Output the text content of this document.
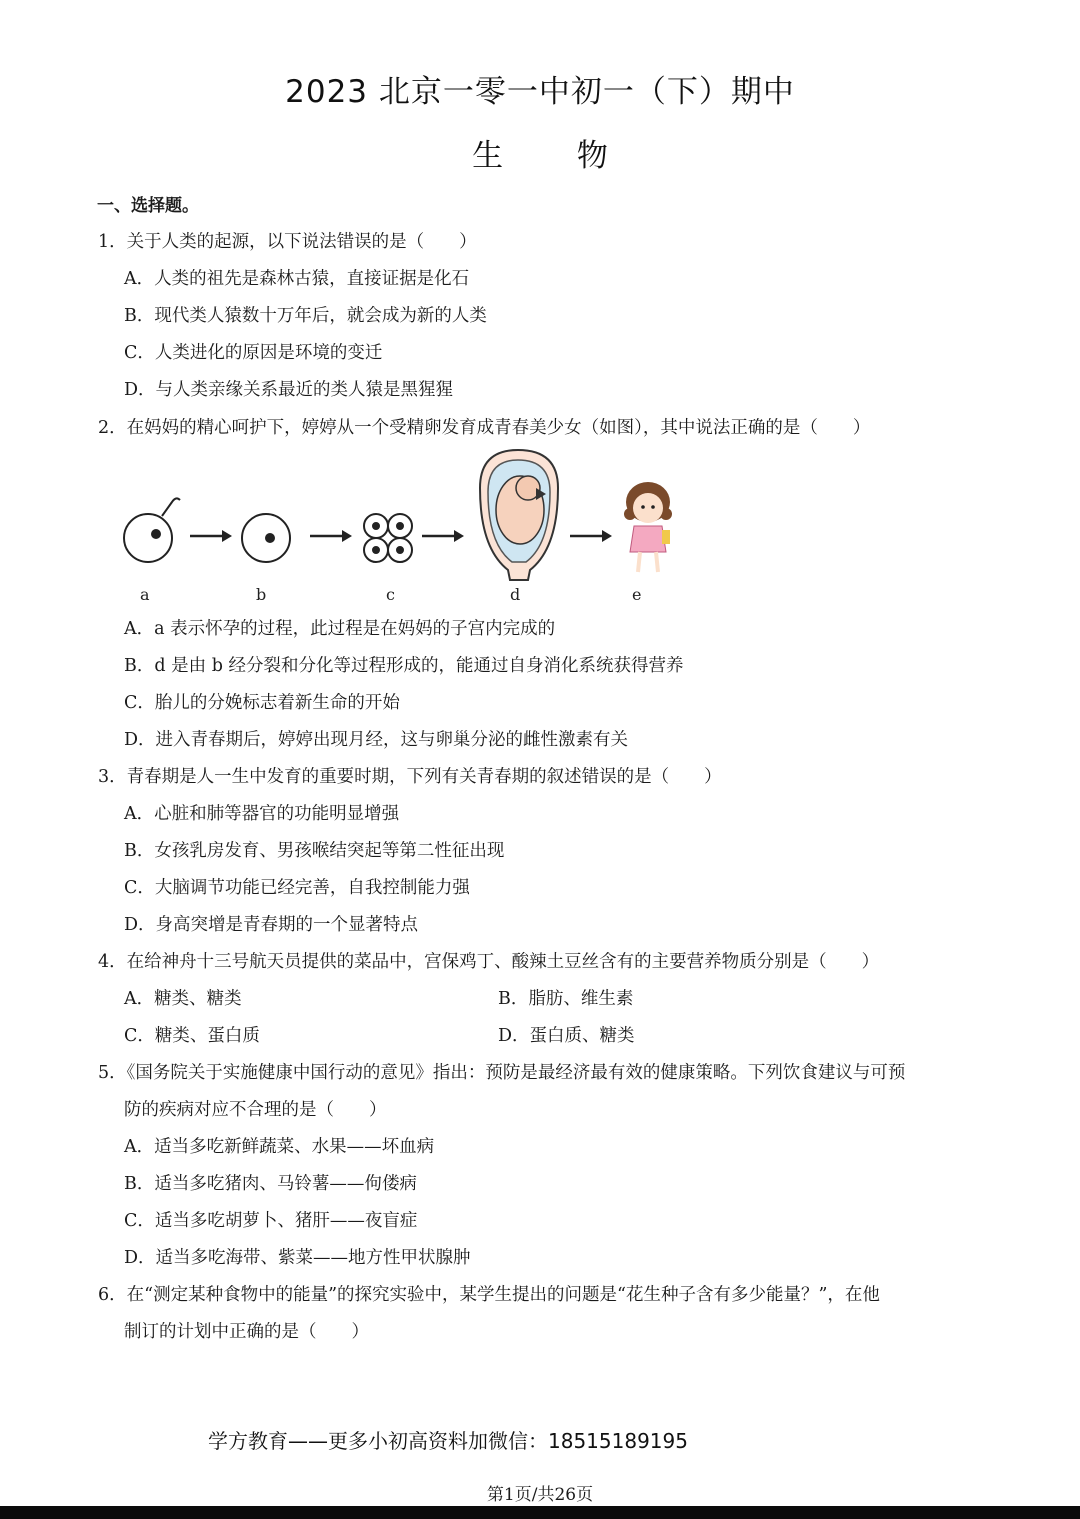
2023 北京一零一中初一（下）期中
生 物
一、选择题。
1．关于人类的起源，以下说法错误的是（　　）
A．人类的祖先是森林古猿，直接证据是化石
B．现代类人猿数十万年后，就会成为新的人类
C．人类进化的原因是环境的变迁
D．与人类亲缘关系最近的类人猿是黑猩猩
2．在妈妈的精心呵护下，婷婷从一个受精卵发育成青春美少女（如图），其中说法正确的是（　　）
a	b	c	d	e
A．a 表示怀孕的过程，此过程是在妈妈的子宫内完成的
B．d 是由 b 经分裂和分化等过程形成的，能通过自身消化系统获得营养
C．胎儿的分娩标志着新生命的开始
D．进入青春期后，婷婷出现月经，这与卵巢分泌的雌性激素有关
3．青春期是人一生中发育的重要时期，下列有关青春期的叙述错误的是（　　）
A．心脏和肺等器官的功能明显增强
B．女孩乳房发育、男孩喉结突起等第二性征出现
C．大脑调节功能已经完善，自我控制能力强
D．身高突增是青春期的一个显著特点
4．在给神舟十三号航天员提供的菜品中，宫保鸡丁、酸辣土豆丝含有的主要营养物质分别是（　　）
A．糖类、糖类	B．脂肪、维生素
C．糖类、蛋白质	D．蛋白质、糖类
5．《国务院关于实施健康中国行动的意见》指出：预防是最经济最有效的健康策略。下列饮食建议与可预
防的疾病对应不合理的是（　　）
A．适当多吃新鲜蔬菜、水果——坏血病
B．适当多吃猪肉、马铃薯——佝偻病
C．适当多吃胡萝卜、猪肝——夜盲症
D．适当多吃海带、紫菜——地方性甲状腺肿
6．在“测定某种食物中的能量”的探究实验中，某学生提出的问题是“花生种子含有多少能量？”，在他
制订的计划中正确的是（　　）
学方教育——更多小初高资料加微信：18515189195
第1页/共26页
